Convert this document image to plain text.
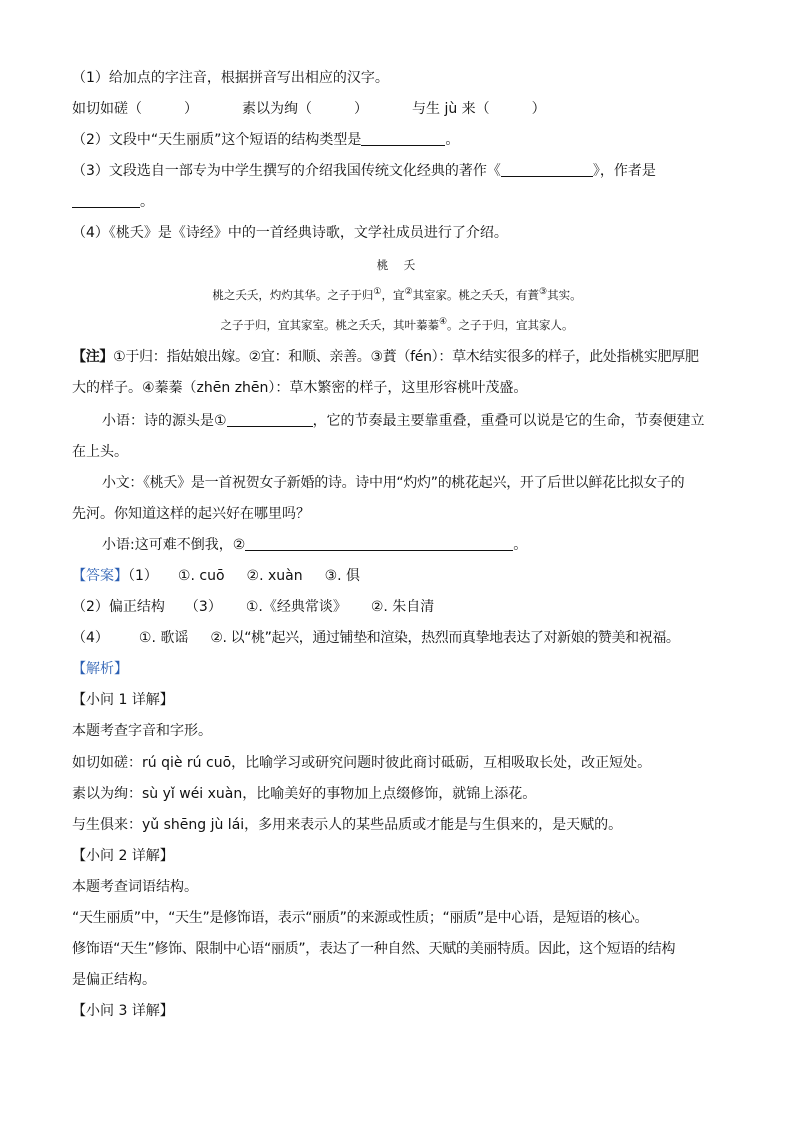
（1）给加点的字注音，根据拼音写出相应的汉字。
如切如磋（　　　）	素以为绚（　　　）	与生 jù 来（　　　）
（2）文段中“天生丽质”这个短语的结构类型是	。
（3）文段选自一部专为中学生撰写的介绍我国传统文化经典的著作《	》，作者是
。
（4）《桃夭》是《诗经》中的一首经典诗歌，文学社成员进行了介绍。
桃　夭
桃之夭夭，灼灼其华。之子于归①，宜②其室家。桃之夭夭，有蕡③其实。
之子于归，宜其家室。桃之夭夭，其叶蓁蓁④。之子于归，宜其家人。
【注】①于归：指姑娘出嫁。②宜：和顺、亲善。③蕡（fén）：草木结实很多的样子，此处指桃实肥厚肥
大的样子。④蓁蓁（zhēn zhēn）：草木繁密的样子，这里形容桃叶茂盛。
小语：诗的源头是①	，它的节奏最主要靠重叠，重叠可以说是它的生命，节奏便建立
在上头。
小文：《桃夭》是一首祝贺女子新婚的诗。诗中用“灼灼”的桃花起兴，开了后世以鲜花比拟女子的
先河。你知道这样的起兴好在哪里吗？
小语:这可难不倒我，②	。
【答案】（1） ①. cuō ②. xuàn ③. 俱
（2）偏正结构 （3） ①.《经典常谈》 ②. 朱自清
（4） ①. 歌谣 ②. 以“桃”起兴，通过铺垫和渲染，热烈而真挚地表达了对新娘的赞美和祝福。
【解析】
【小问 1 详解】
本题考查字音和字形。
如切如磋：rú qiè rú cuō，比喻学习或研究问题时彼此商讨砥砺，互相吸取长处，改正短处。
素以为绚：sù yǐ wéi xuàn，比喻美好的事物加上点缀修饰，就锦上添花。
与生俱来：yǔ shēng jù lái，多用来表示人的某些品质或才能是与生俱来的，是天赋的。
【小问 2 详解】
本题考查词语结构。
“天生丽质”中，“天生”是修饰语，表示“丽质”的来源或性质；“丽质”是中心语，是短语的核心。
修饰语“天生”修饰、限制中心语“丽质”，表达了一种自然、天赋的美丽特质。因此，这个短语的结构
是偏正结构。
【小问 3 详解】
